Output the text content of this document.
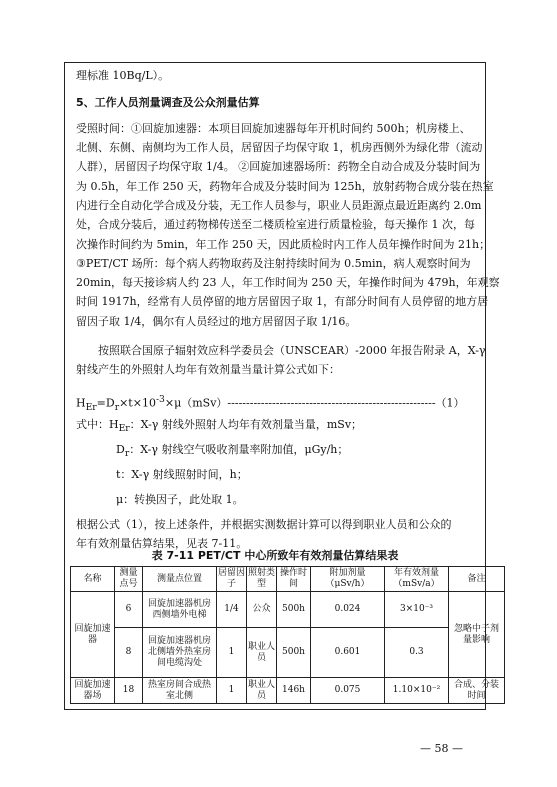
理标准 10Bq/L）。
5、工作人员剂量调查及公众剂量估算
受照时间：①回旋加速器：本项目回旋加速器每年开机时间约 500h；机房楼上、
北侧、东侧、南侧均为工作人员，居留因子均保守取 1，机房西侧外为绿化带（流动
人群），居留因子均保守取 1/4。 ②回旋加速器场所：药物全自动合成及分装时间为
为 0.5h，年工作 250 天，药物年合成及分装时间为 125h，放射药物合成分装在热室
内进行全自动化学合成及分装，无工作人员参与，职业人员距源点最近距离约 2.0m
处，合成分装后，通过药物梯传送至二楼质检室进行质量检验，每天操作 1 次，每
次操作时间约为 5min，年工作 250 天，因此质检时内工作人员年操作时间为 21h；
③PET/CT 场所：每个病人药物取药及注射持续时间为 0.5min，病人观察时间为
20min，每天接诊病人约 23 人，年工作时间为 250 天，年操作时间为 479h，年观察
时间 1917h，经常有人员停留的地方居留因子取 1，有部分时间有人员停留的地方居
留因子取 1/4，偶尔有人员经过的地方居留因子取 1/16。
按照联合国原子辐射效应科学委员会（UNSCEAR）-2000 年报告附录 A，X-γ
射线产生的外照射人均年有效剂量当量计算公式如下：
$H_{Er}=D_r\times t\times 10^{-3}\times\mu(mSv)--------------------------------------------------------(1)$
式中：$H_{Er}$：X-γ 射线外照射人均年有效剂量当量，mSv；
$D_r$：X-γ 射线空气吸收剂量率附加值，μGy/h；
t：X-γ 射线照射时间，h；
μ：转换因子，此处取 1。
根据公式（1），按上述条件，并根据实测数据计算可以得到职业人员和公众的
年有效剂量估算结果，见表 7-11。
表 7-11 PET/CT 中心所致年有效剂量估算结果表
名称	测量点号	测量点位置	居留因子	照射类型	操作时间	附加剂量（μSv/h）	年有效剂量（mSv/a）	备注
回旋加速器	6	回旋加速器机房西侧墙外电梯	1/4	公众	500h	0.024	3×10⁻³	忽略中子剂量影响
	8	回旋加速器机房北侧墙外热室房间电缆沟处	1	职业人员	500h	0.601	0.3	
回旋加速器场	18	热室房间合成热室北侧	1	职业人员	146h	0.075	1.10×10⁻²	合成、分装时间
— 58 —
